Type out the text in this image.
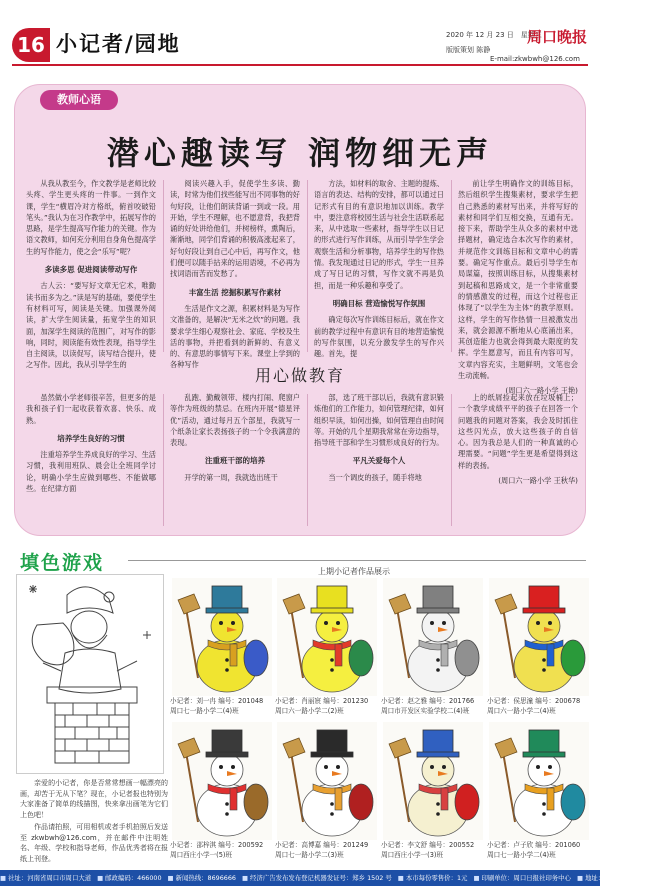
16 小记者/园地	2020 年 12 月 23 日　星期三
版版策划 陈静
周口晚报
E-mail:zkwbwh@126.com
教师心语
潜心趣读写 润物细无声

从我从教至今，作文教学是老师比较头疼、学生更头疼的一件事。一到作文课，学生“横眉冷对方格纸，俯首咬破铅笔头。”我认为在习作教学中，拓展写作的思路，是学生提高写作能力的关键。作为语文教师，如何充分利用自身角色提高学生的写作能力，使之会“乐写”呢？

多读多思 促进阅读带动写作

古人云：“要写好文章无它术，唯勤读书而多为之。”读是写的基础，要使学生有材料可写，阅读是关键。加强课外阅读，扩大学生阅读量，拓宽学生的知识面，加深学生阅读的范围广，对写作的影响，同时，阅读能有效性表现，指导学生自主阅读，以读促写，读写结合提升，使之写作。因此，我从引导学生的

阅读兴趣入手，促使学生多读、勤读，时常为他们找些能写出不同事物的好句好段，让他们朗读背诵一到或一段。用开始，学生不理解，也不愿意背，我把背诵的好处讲给他们，并树榜样，熏陶后，渐渐地，同学们背诵的积极高涨起来了，好句好段让到自己心中后，再写作文，他们便可以随手拈来的运用语境，不必再为找词语而苦而发愁了。

丰富生活 挖掘积累写作素材

生活是作文之源，积累材料是为写作文准备的，是解决“无米之炊”的问题。我要求学生细心观察社会、家庭、学校及生活的事物，并把看到的新鲜的、有意义的、有意思的事情写下来。课堂上学到的各种写作

方法，如材料的取舍、主题的提炼、语言的表达、结构的安排，都可以通过日记形式有目的有意识地加以训练。教学中，要注意将校园生活与社会生活联系起来，从中选取一些素材，指导学生以日记的形式进行写作训练，从而引导学生学会观察生活和分析事物，培养学生的写作热情。我发现通过日记的形式，学生一旦养成了写日记的习惯，写作文就不再是负担，而是一种乐趣和享受了。

明确目标 营造愉悦写作氛围

确定每次写作训练目标后，就在作文前的教学过程中有意识有目的地营造愉悦的写作氛围，以充分激发学生的写作兴趣。首先，提

前让学生明确作文的训练目标，然后组织学生搜集素材，要求学生把自己熟悉的素材写出来，并将写好的素材和同学们互相交换，互通有无。接下来，帮助学生从众多的素材中选择题材，确定选合本次写作的素材，并规范作文训练目标和文章中心的需要。确定写作重点。最后引导学生布局谋篇，按照训练目标，从搜集素材到起稿和思路成文，是一个非常重要的情感激发的过程，而这个过程也正体现了“以学生为主体”的教学原则。这样，学生的写作热情一旦被激发出来，就会源源不断地从心底涌出来，其创造能力也就会得到最大限度的发挥。学生愿意写，而且有内容可写，文章内容充实，主题鲜明，文笔也会生动流畅。

(周口六一路小学 王艳)

用心做教育

虽然做小学老师很辛苦，但更多的是我和孩子们一起收获着欢喜、快乐、成熟。

培养学生良好的习惯

注重培养学生养成良好的学习、生活习惯，我利用班队、晨会让全班同学讨论，明确小学生应做到哪些、不能做哪些。在纪律方面

乱跑、勤戴领带、楼内打闹、爬窗户等作为班级的禁忌。在班内开展“德星评优”活动，通过每月五个部星，我就写一个纸条让家长表扬孩子的一个令我满意的表现。

注重班干部的培养

开学的第一周，我就选出班干

部，选了班干部以后，我就有意识锻炼他们的工作能力，如何管理纪律，如何组织早读，如何出操，如何管理自由时间等。开始的几个星期我常常在旁边指导，指导班干部和学生习惯形成良好的行为。

平凡关爱每个人

当一个调皮的孩子，随手将地

上的纸屑捡起来放在垃圾桶上；一个教学成绩平平的孩子在回答一个问题我的问题对答案，我会及时抓住这些闪光点，放大这些孩子的自信心。因为我总是人们的一种真诚的心理需要。“问题”学生更是希望得到这样的表扬。

(周口六一路小学 王秋华)

填色游戏

亲爱的小记者，你是否常常想画一幅漂亮的画，却苦于无从下笔？现在，小记者报也特别为大家准备了简单的线描图，快来拿出画笔为它们上色吧！

作品请拍照，可用相机或者手机拍照后发送至 zkwbwh@126.com，并在邮件中注明姓名、年级、学校和指导老师，作品优秀者将在报纸上刊登。

上期小记者作品展示
小记者：刘一冉 编号：201048
周口七一路小学二(4)班
小记者：肖丽宸 编号：201230
周口六一路小学二(2)班
小记者：赵之雅 编号：201766
周口市开发区实验学校二(4)班
小记者：侯思潼 编号：200678
周口六一路小学二(4)班
小记者：邵梓淇 编号：200592
周口西庄小学一(5)班
小记者：高博嘉 编号：201249
周口七一路小学二(3)班
小记者：李文舒 编号：200552
周口西庄小学一(3)班
小记者：卢子欣 编号：201060
周口七一路小学二(4)班
■ 社址：河南省周口市周口大道 ■ 邮政编码：466000 ■ 新闻热线：8696666 ■ 经济广告发布发布登记机器发证号：郑乡 1502 号 ■ 本市每份零售价：1元 ■ 印刷单位：周口日报社印务中心 ■ 地址：周口日报社院内
